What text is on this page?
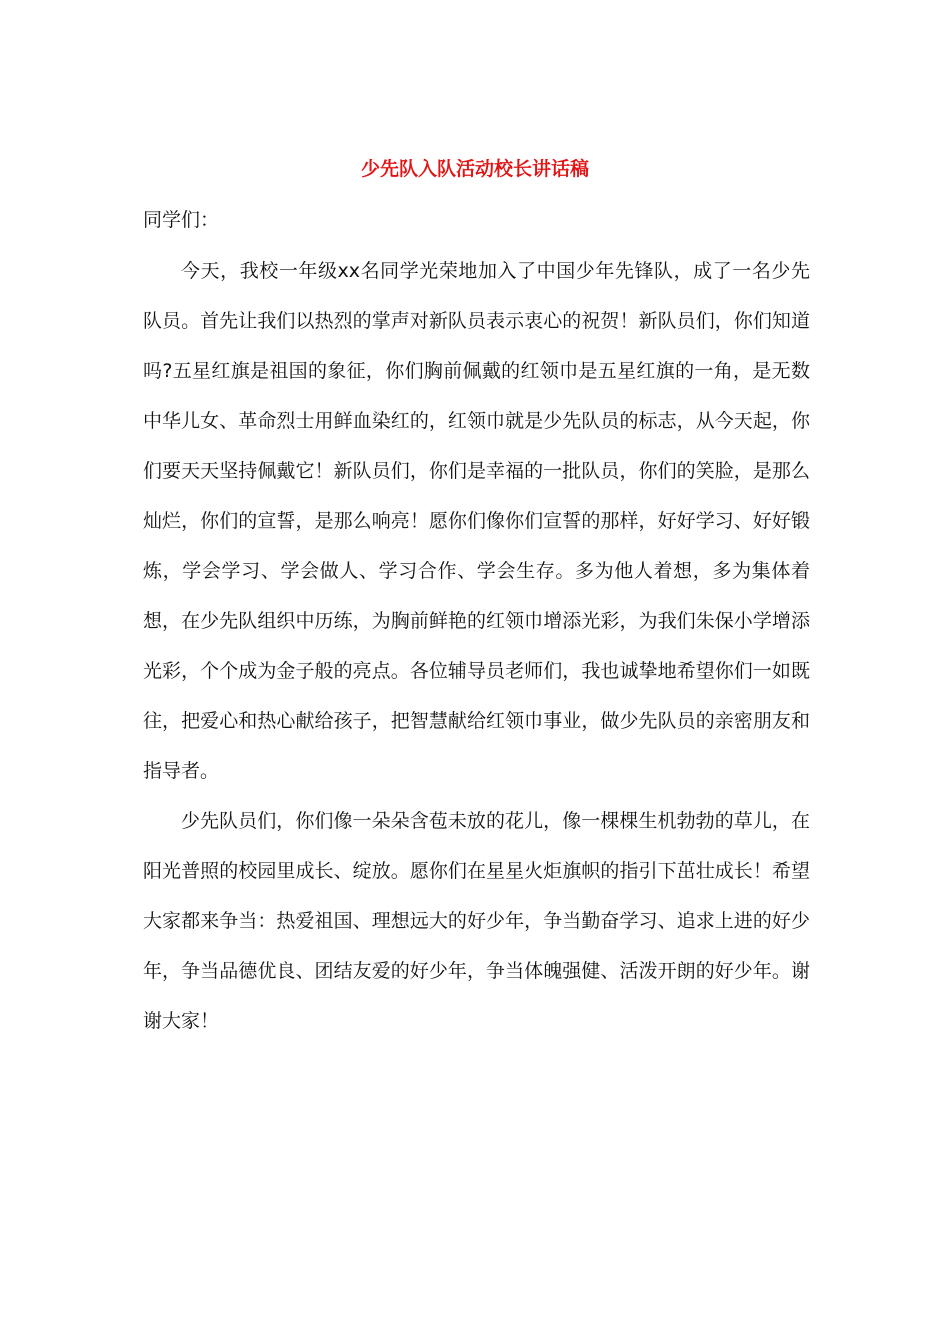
少先队入队活动校长讲话稿

同学们：

今天，我校一年级xx名同学光荣地加入了中国少年先锋队，成了一名少先队员。首先让我们以热烈的掌声对新队员表示衷心的祝贺！新队员们，你们知道吗?五星红旗是祖国的象征，你们胸前佩戴的红领巾是五星红旗的一角，是无数中华儿女、革命烈士用鲜血染红的，红领巾就是少先队员的标志，从今天起，你们要天天坚持佩戴它！新队员们，你们是幸福的一批队员，你们的笑脸，是那么灿烂，你们的宣誓，是那么响亮！愿你们像你们宣誓的那样，好好学习、好好锻炼，学会学习、学会做人、学习合作、学会生存。多为他人着想，多为集体着想，在少先队组织中历练，为胸前鲜艳的红领巾增添光彩，为我们朱保小学增添光彩，个个成为金子般的亮点。各位辅导员老师们，我也诚挚地希望你们一如既往，把爱心和热心献给孩子，把智慧献给红领巾事业，做少先队员的亲密朋友和指导者。

少先队员们，你们像一朵朵含苞未放的花儿，像一棵棵生机勃勃的草儿，在阳光普照的校园里成长、绽放。愿你们在星星火炬旗帜的指引下茁壮成长！希望大家都来争当：热爱祖国、理想远大的好少年，争当勤奋学习、追求上进的好少年，争当品德优良、团结友爱的好少年，争当体魄强健、活泼开朗的好少年。谢谢大家！
